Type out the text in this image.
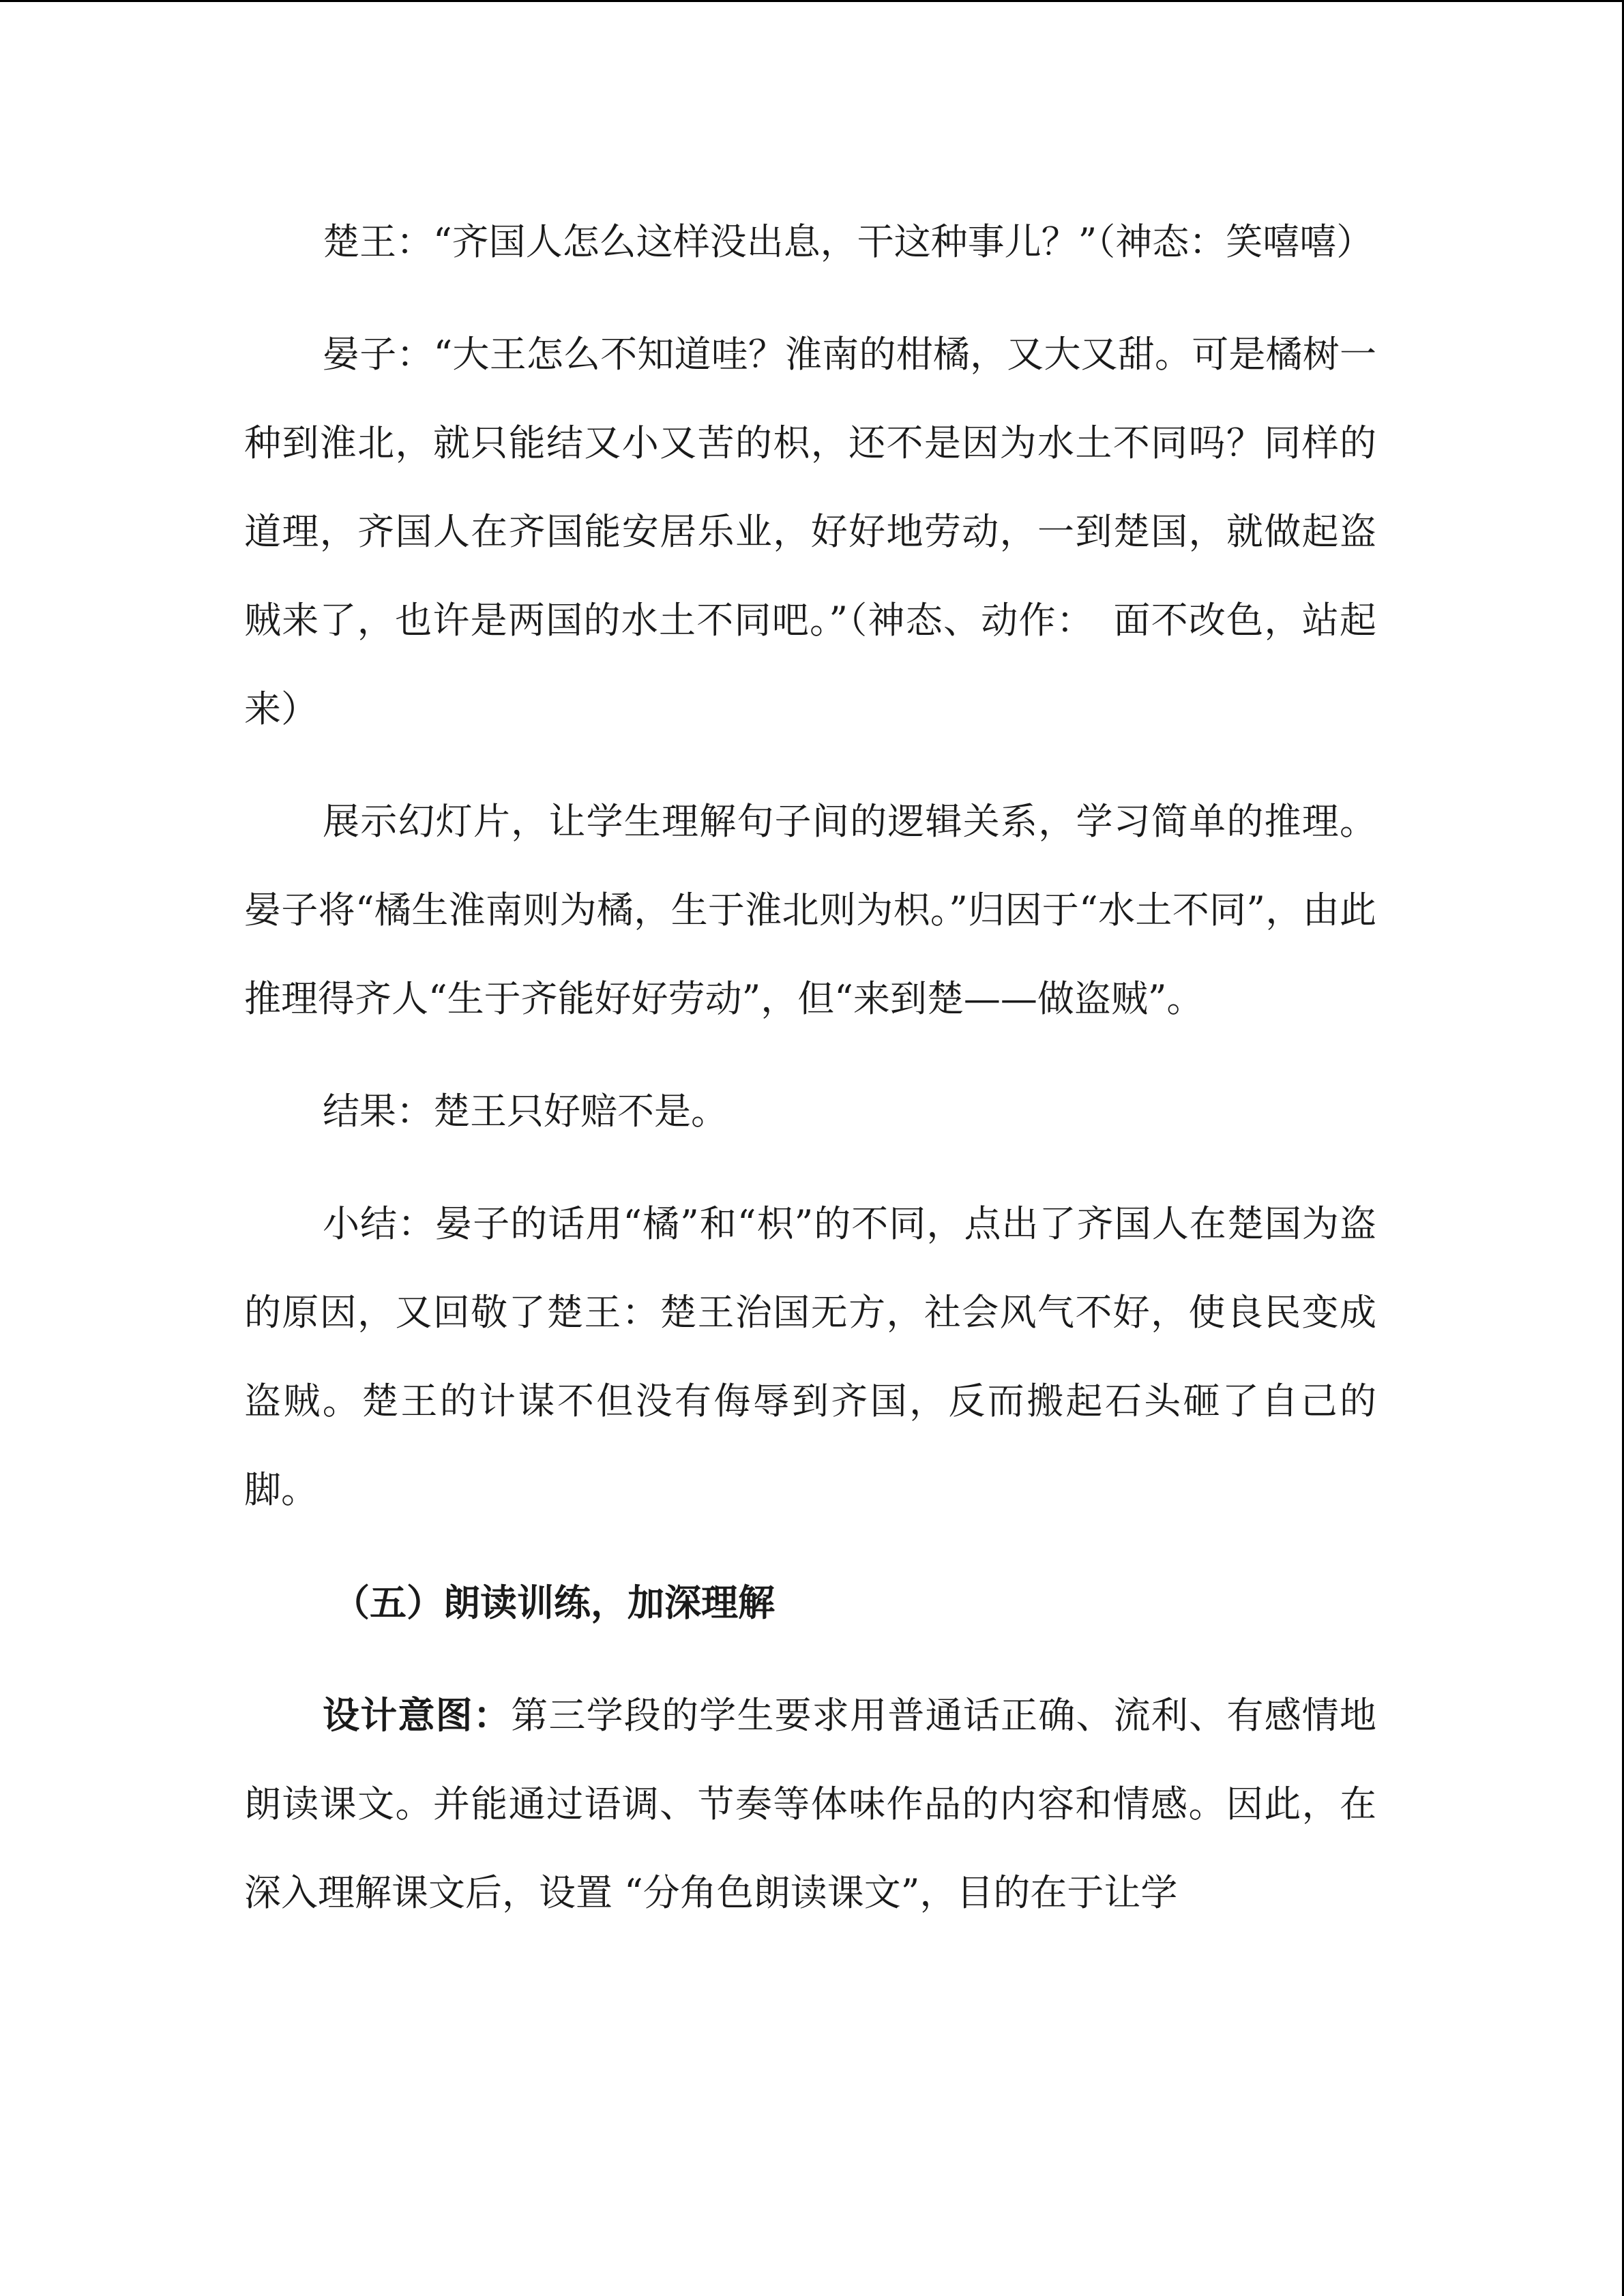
楚王：“齐国人怎么这样没出息，干这种事儿？”（神态：笑嘻嘻）

晏子：“大王怎么不知道哇？淮南的柑橘，又大又甜。可是橘树一种到淮北，就只能结又小又苦的枳，还不是因为水土不同吗？同样的道理，齐国人在齐国能安居乐业，好好地劳动，一到楚国，就做起盗贼来了，也许是两国的水土不同吧。”（神态、动作：　面不改色，站起来）

展示幻灯片，让学生理解句子间的逻辑关系，学习简单的推理。晏子将“橘生淮南则为橘，生于淮北则为枳。”归因于“水土不同”，由此推理得齐人“生于齐能好好劳动”，但“来到楚——做盗贼”。

结果：楚王只好赔不是。

小结：晏子的话用“橘”和“枳”的不同，点出了齐国人在楚国为盗的原因，又回敬了楚王：楚王治国无方，社会风气不好，使良民变成盗贼。楚王的计谋不但没有侮辱到齐国，反而搬起石头砸了自己的脚。

（五）朗读训练，加深理解

设计意图：第三学段的学生要求用普通话正确、流利、有感情地朗读课文。并能通过语调、节奏等体味作品的内容和情感。因此，在深入理解课文后，设置 “分角色朗读课文”，目的在于让学
